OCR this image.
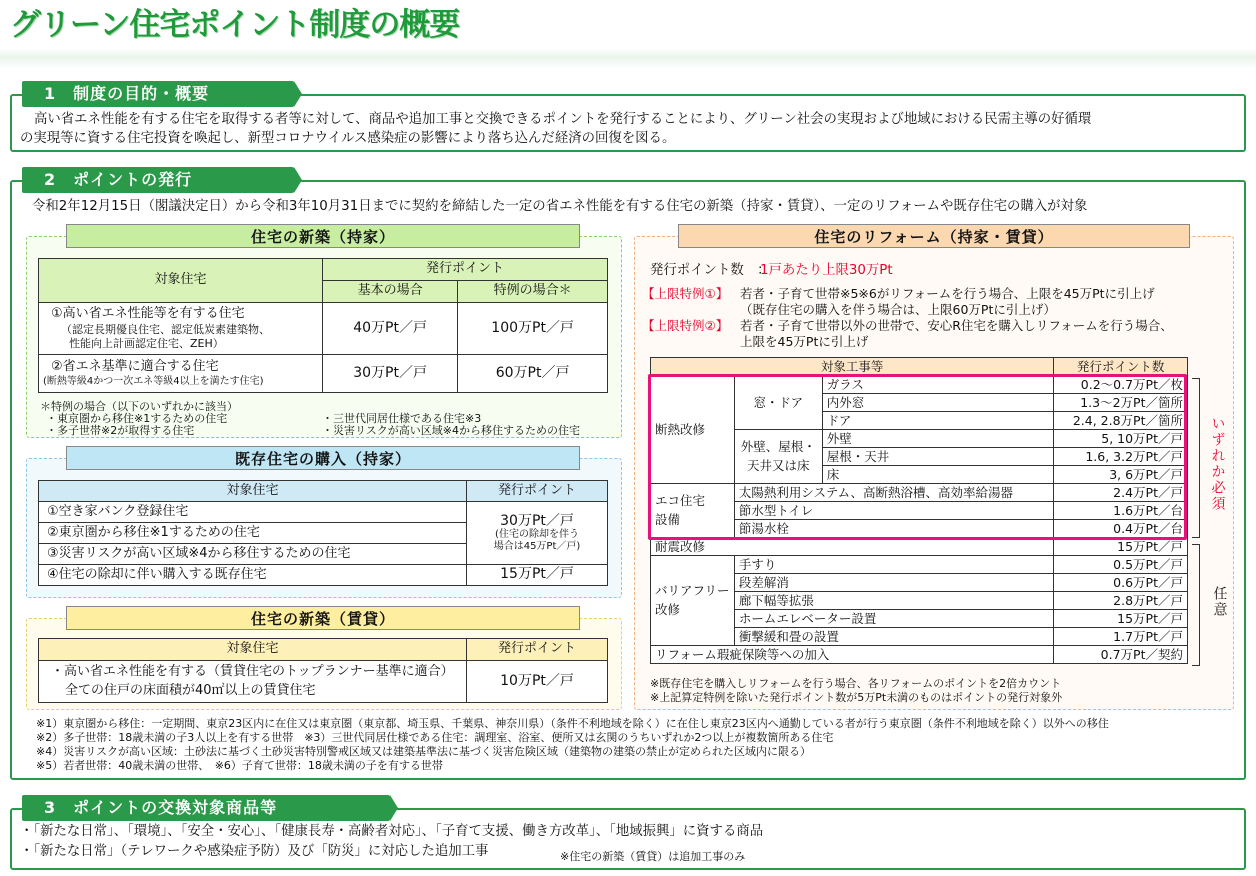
グリーン住宅ポイント制度の概要
1　制度の目的・概要
高い省エネ性能を有する住宅を取得する者等に対して、商品や追加工事と交換できるポイントを発行することにより、グリーン社会の実現および地域における民需主導の好循環
の実現等に資する住宅投資を喚起し、新型コロナウイルス感染症の影響により落ち込んだ経済の回復を図る。
2　ポイントの発行
令和2年12月15日（閣議決定日）から令和3年10月31日までに契約を締結した一定の省エネ性能を有する住宅の新築（持家・賃貸）、一定のリフォームや既存住宅の購入が対象
住宅の新築（持家）
対象住宅	発行ポイント	
	基本の場合	特例の場合＊

①高い省エネ性能等を有する住宅
（認定長期優良住宅、認定低炭素建築物、
性能向上計画認定住宅、ZEH）	40万Pt／戸	100万Pt／戸

②省エネ基準に適合する住宅
(断熱等級4かつ一次エネ等級4以上を満たす住宅)	30万Pt／戸	60万Pt／戸
＊特例の場合（以下のいずれかに該当）
・東京圏から移住※1するための住宅
・多子世帯※2が取得する住宅
・三世代同居仕様である住宅※3
・災害リスクが高い区域※4から移住するための住宅
既存住宅の購入（持家）
対象住宅	発行ポイント
①空き家バンク登録住宅	30万Pt／戸
(住宅の除却を伴う
場合は45万Pt／戸)

②東京圏から移住※1するための住宅	
③災害リスクが高い区域※4から移住するための住宅	
④住宅の除却に伴い購入する既存住宅	15万Pt／戸
住宅の新築（賃貸）
対象住宅	発行ポイント

・高い省エネ性能を有する（賃貸住宅のトップランナー基準に適合）
全ての住戸の床面積が40㎡以上の賃貸住宅	10万Pt／戸
住宅のリフォーム（持家・賃貸）
発行ポイント数　：
1戸あたり上限30万Pt
【上限特例①】 若者・子育て世帯※5※6がリフォームを行う場合、上限を45万Ptに引上げ
（既存住宅の購入を伴う場合は、上限60万Ptに引上げ）
【上限特例②】 若者・子育て世帯以外の世帯で、安心R住宅を購入しリフォームを行う場合、
上限を45万Ptに引上げ
対象工事等			発行ポイント数
断熱改修	窓・ドア	ガラス	0.2～0.7万Pt／枚
		内外窓	1.3～2万Pt／箇所
		ドア	2.4, 2.8万Pt／箇所

	外壁、屋根・
天井又は床	外壁	5, 10万Pt／戸
		屋根・天井	1.6, 3.2万Pt／戸
		床	3, 6万Pt／戸

エコ住宅
設備	太陽熱利用システム、高断熱浴槽、高効率給湯器		2.4万Pt／戸
	節水型トイレ		1.6万Pt／台
	節湯水栓		0.4万Pt／台
耐震改修			15万Pt／戸

バリアフリー
改修	手すり		0.5万Pt／戸
	段差解消		0.6万Pt／戸
	廊下幅等拡張		2.8万Pt／戸
	ホームエレベーター設置		15万Pt／戸
	衝撃緩和畳の設置		1.7万Pt／戸
リフォーム瑕疵保険等への加入			0.7万Pt／契約
いずれか必須
任意
※既存住宅を購入しリフォームを行う場合、各リフォームのポイントを2倍カウント
※上記算定特例を除いた発行ポイント数が5万Pt未満のものはポイントの発行対象外
※1）東京圏から移住：一定期間、東京23区内に在住又は東京圏（東京都、埼玉県、千葉県、神奈川県）（条件不利地域を除く）に在住し東京23区内へ通勤している者が行う東京圏（条件不利地域を除く）以外への移住
※2）多子世帯：18歳未満の子3人以上を有する世帯　※3）三世代同居仕様である住宅：調理室、浴室、便所又は玄関のうちいずれか2つ以上が複数箇所ある住宅
※4）災害リスクが高い区域：土砂法に基づく土砂災害特別警戒区域又は建築基準法に基づく災害危険区域（建築物の建築の禁止が定められた区域内に限る）
※5）若者世帯：40歳未満の世帯、　※6）子育て世帯：18歳未満の子を有する世帯
3　ポイントの交換対象商品等
・「新たな日常」、「環境」、「安全・安心」、「健康長寿・高齢者対応」、「子育て支援、働き方改革」、「地域振興」に資する商品
・「新たな日常」（テレワークや感染症予防）及び「防災」に対応した追加工事	※住宅の新築（賃貸）は追加工事のみ
